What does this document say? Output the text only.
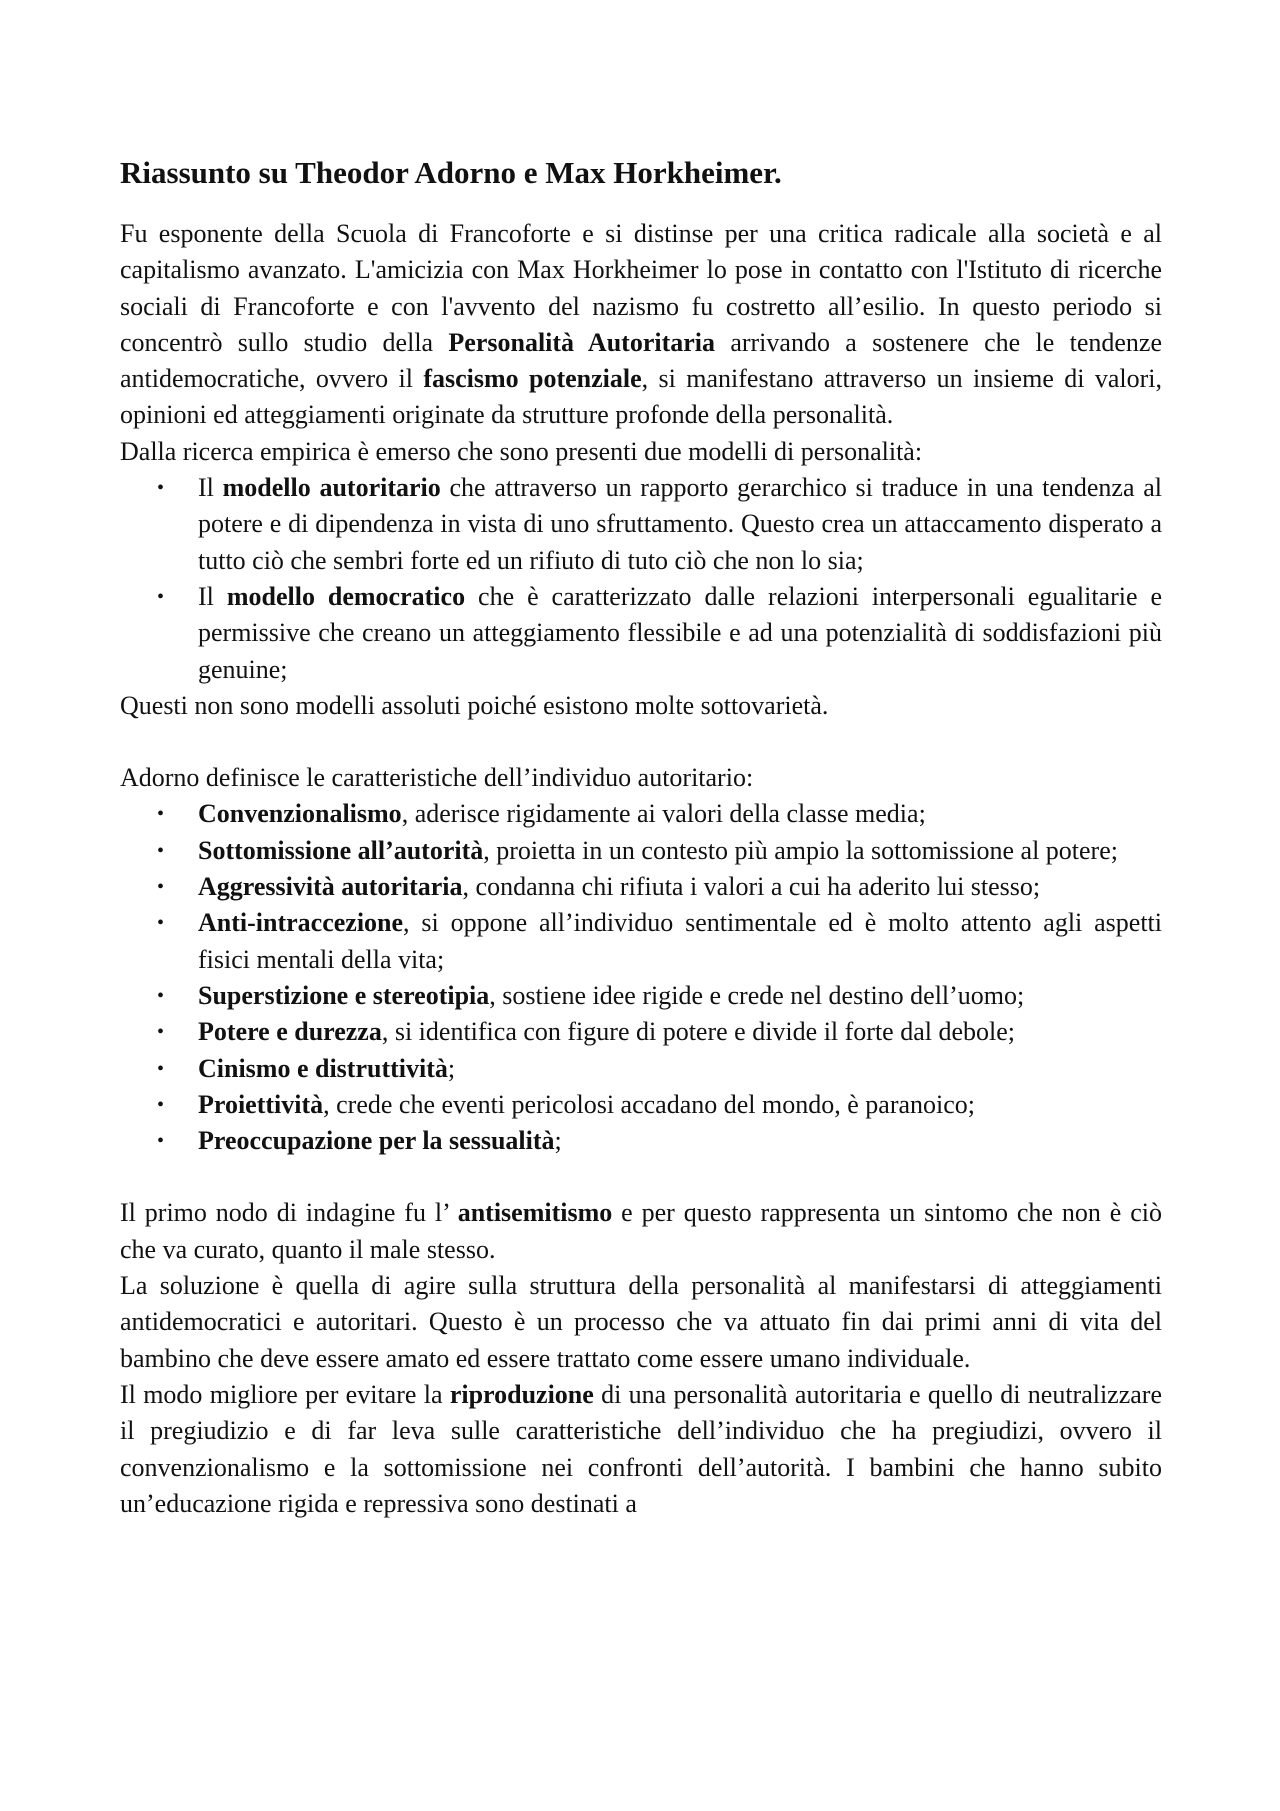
Riassunto su Theodor Adorno e Max Horkheimer.

Fu esponente della Scuola di Francoforte e si distinse per una critica radicale alla società e al capitalismo avanzato. L'amicizia con Max Horkheimer lo pose in contatto con l'Istituto di ricerche sociali di Francoforte e con l'avvento del nazismo fu costretto all’esilio. In questo periodo si concentrò sullo studio della Personalità Autoritaria arrivando a sostenere che le tendenze antidemocratiche, ovvero il fascismo potenziale, si manifestano attraverso un insieme di valori, opinioni ed atteggiamenti originate da strutture profonde della personalità.

Dalla ricerca empirica è emerso che sono presenti due modelli di personalità:

• Il modello autoritario che attraverso un rapporto gerarchico si traduce in una tendenza al potere e di dipendenza in vista di uno sfruttamento. Questo crea un attaccamento disperato a tutto ciò che sembri forte ed un rifiuto di tuto ciò che non lo sia;
• Il modello democratico che è caratterizzato dalle relazioni interpersonali egualitarie e permissive che creano un atteggiamento flessibile e ad una potenzialità di soddisfazioni più genuine;

Questi non sono modelli assoluti poiché esistono molte sottovarietà.

Adorno definisce le caratteristiche dell’individuo autoritario:

• Convenzionalismo, aderisce rigidamente ai valori della classe media;
• Sottomissione all’autorità, proietta in un contesto più ampio la sottomissione al potere;
• Aggressività autoritaria, condanna chi rifiuta i valori a cui ha aderito lui stesso;
• Anti-intraccezione, si oppone all’individuo sentimentale ed è molto attento agli aspetti fisici mentali della vita;
• Superstizione e stereotipia, sostiene idee rigide e crede nel destino dell’uomo;
• Potere e durezza, si identifica con figure di potere e divide il forte dal debole;
• Cinismo e distruttività;
• Proiettività, crede che eventi pericolosi accadano del mondo, è paranoico;
• Preoccupazione per la sessualità;

Il primo nodo di indagine fu l’ antisemitismo e per questo rappresenta un sintomo che non è ciò che va curato, quanto il male stesso.

La soluzione è quella di agire sulla struttura della personalità al manifestarsi di atteggiamenti antidemocratici e autoritari. Questo è un processo che va attuato fin dai primi anni di vita del bambino che deve essere amato ed essere trattato come essere umano individuale.

Il modo migliore per evitare la riproduzione di una personalità autoritaria e quello di neutralizzare il pregiudizio e di far leva sulle caratteristiche dell’individuo che ha pregiudizi, ovvero il convenzionalismo e la sottomissione nei confronti dell’autorità. I bambini che hanno subito un’educazione rigida e repressiva sono destinati a
